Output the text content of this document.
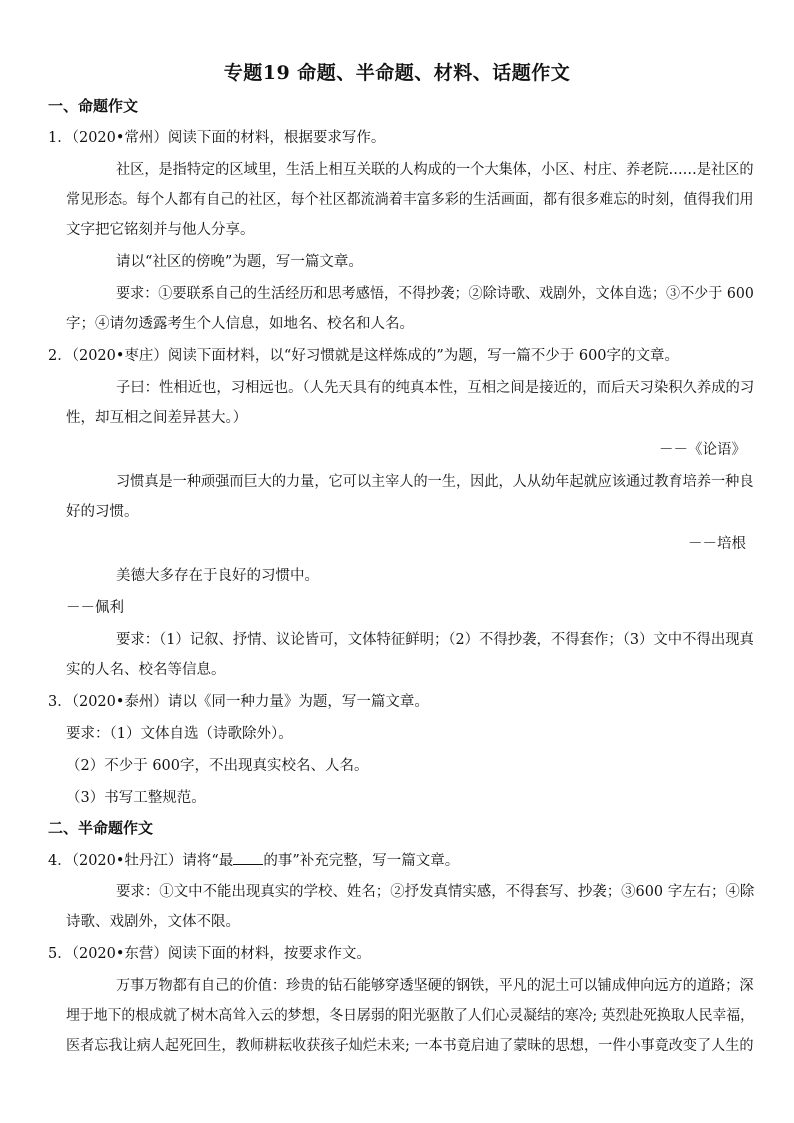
专题19 命题、半命题、材料、话题作文
一、命题作文
1．（2020•常州）阅读下面的材料，根据要求写作。
社区，是指特定的区域里，生活上相互关联的人构成的一个大集体，小区、村庄、养老院……是社区的
常见形态。每个人都有自己的社区，每个社区都流淌着丰富多彩的生活画面，都有很多难忘的时刻，值得我们用
文字把它铭刻并与他人分享。
请以“社区的傍晚”为题，写一篇文章。
要求：①要联系自己的生活经历和思考感悟，不得抄袭；②除诗歌、戏剧外，文体自选；③不少于 600
字；④请勿透露考生个人信息，如地名、校名和人名。
2．（2020•枣庄）阅读下面材料，以“好习惯就是这样炼成的”为题，写一篇不少于 600字的文章。
子曰：性相近也，习相远也。（人先天具有的纯真本性，互相之间是接近的，而后天习染积久养成的习
性，却互相之间差异甚大。）
－－《论语》
习惯真是一种顽强而巨大的力量，它可以主宰人的一生，因此，人从幼年起就应该通过教育培养一种良
好的习惯。
－－培根
美德大多存在于良好的习惯中。
－－佩利
要求：（1）记叙、抒情、议论皆可，文体特征鲜明；（2）不得抄袭，不得套作；（3）文中不得出现真
实的人名、校名等信息。
3．（2020•泰州）请以《同一种力量》为题，写一篇文章。
要求：（1）文体自选（诗歌除外）。
（2）不少于 600字，不出现真实校名、人名。
（3）书写工整规范。
二、半命题作文
4．（2020•牡丹江）请将“最 的事”补充完整，写一篇文章。
要求：①文中不能出现真实的学校、姓名；②抒发真情实感，不得套写、抄袭；③600 字左右；④除
诗歌、戏剧外，文体不限。
5．（2020•东营）阅读下面的材料，按要求作文。
万事万物都有自己的价值：珍贵的钻石能够穿透坚硬的钢铁，平凡的泥土可以铺成伸向远方的道路；深
埋于地下的根成就了树木高耸入云的梦想，冬日孱弱的阳光驱散了人们心灵凝结的寒冷; 英烈赴死换取人民幸福，
医者忘我让病人起死回生，教师耕耘收获孩子灿烂未来; 一本书竟启迪了蒙昧的思想，一件小事竟改变了人生的
